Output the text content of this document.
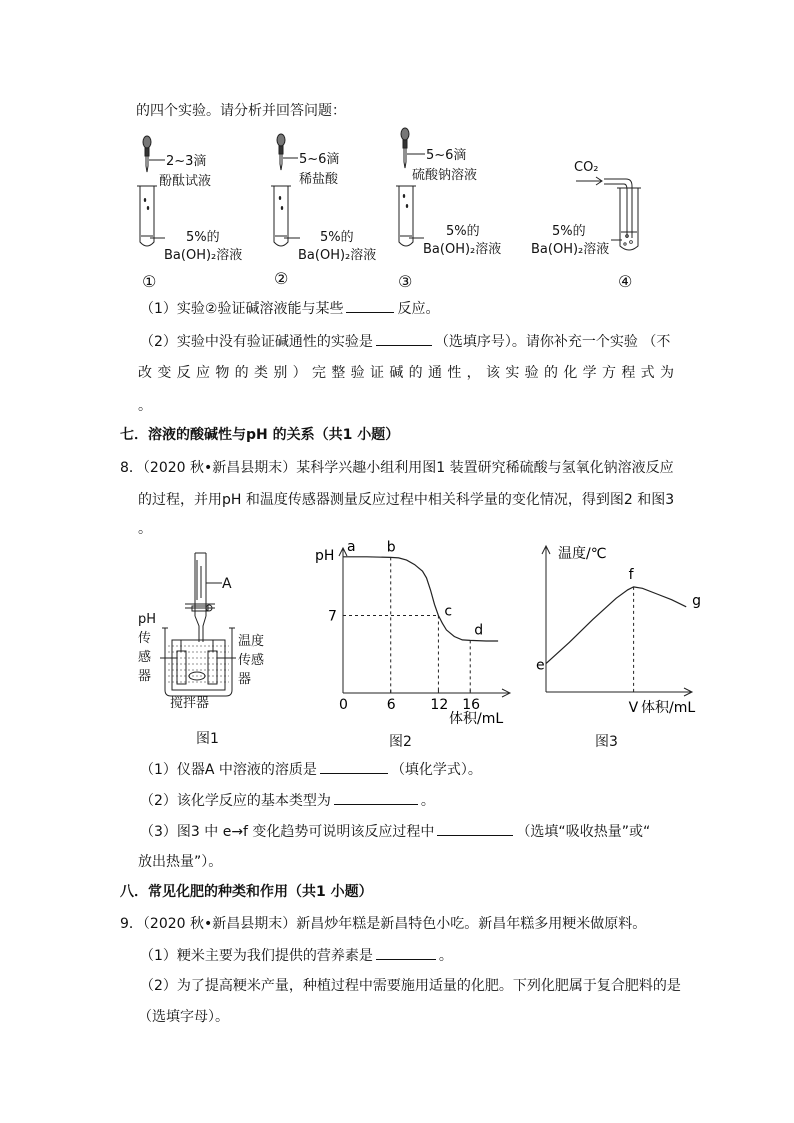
的四个实验。请分析并回答问题：
2~3滴
酚酞试液
5%的
Ba(OH)₂溶液
①
5~6滴
稀盐酸
5%的
Ba(OH)₂溶液
②
5~6滴
硫酸钠溶液
5%的
Ba(OH)₂溶液
③
CO₂
5%的
Ba(OH)₂溶液
④
（1）实验②验证碱溶液能与某些	反应。
（2）实验中没有验证碱通性的实验是	（选填序号）。请你补充一个实验 （不
改变反应物的类别）完整验证碱的通性，该实验的化学方程式为
。
七．溶液的酸碱性与pH 的关系（共1 小题）
8．（2020 秋•新昌县期末）某科学兴趣小组利用图1 装置研究稀硫酸与氢氧化钠溶液反应
的过程，并用pH 和温度传感器测量反应过程中相关科学量的变化情况，得到图2 和图3
。
A
pH
传
感
器
温度
传感
器
搅拌器
图1
pH
体积/mL
0	6 12 16
7
a b
c
d
图2
温度/℃
体积/mL
V
e
f
g
图3
（1）仪器A 中溶液的溶质是	（填化学式）。
（2）该化学反应的基本类型为	。
（3）图3 中 e→f 变化趋势可说明该反应过程中	（选填“吸收热量”或“
放出热量”）。
八．常见化肥的种类和作用（共1 小题）
9．（2020 秋•新昌县期末）新昌炒年糕是新昌特色小吃。新昌年糕多用粳米做原料。
（1）粳米主要为我们提供的营养素是	。
（2）为了提高粳米产量，种植过程中需要施用适量的化肥。下列化肥属于复合肥料的是
（选填字母）。
